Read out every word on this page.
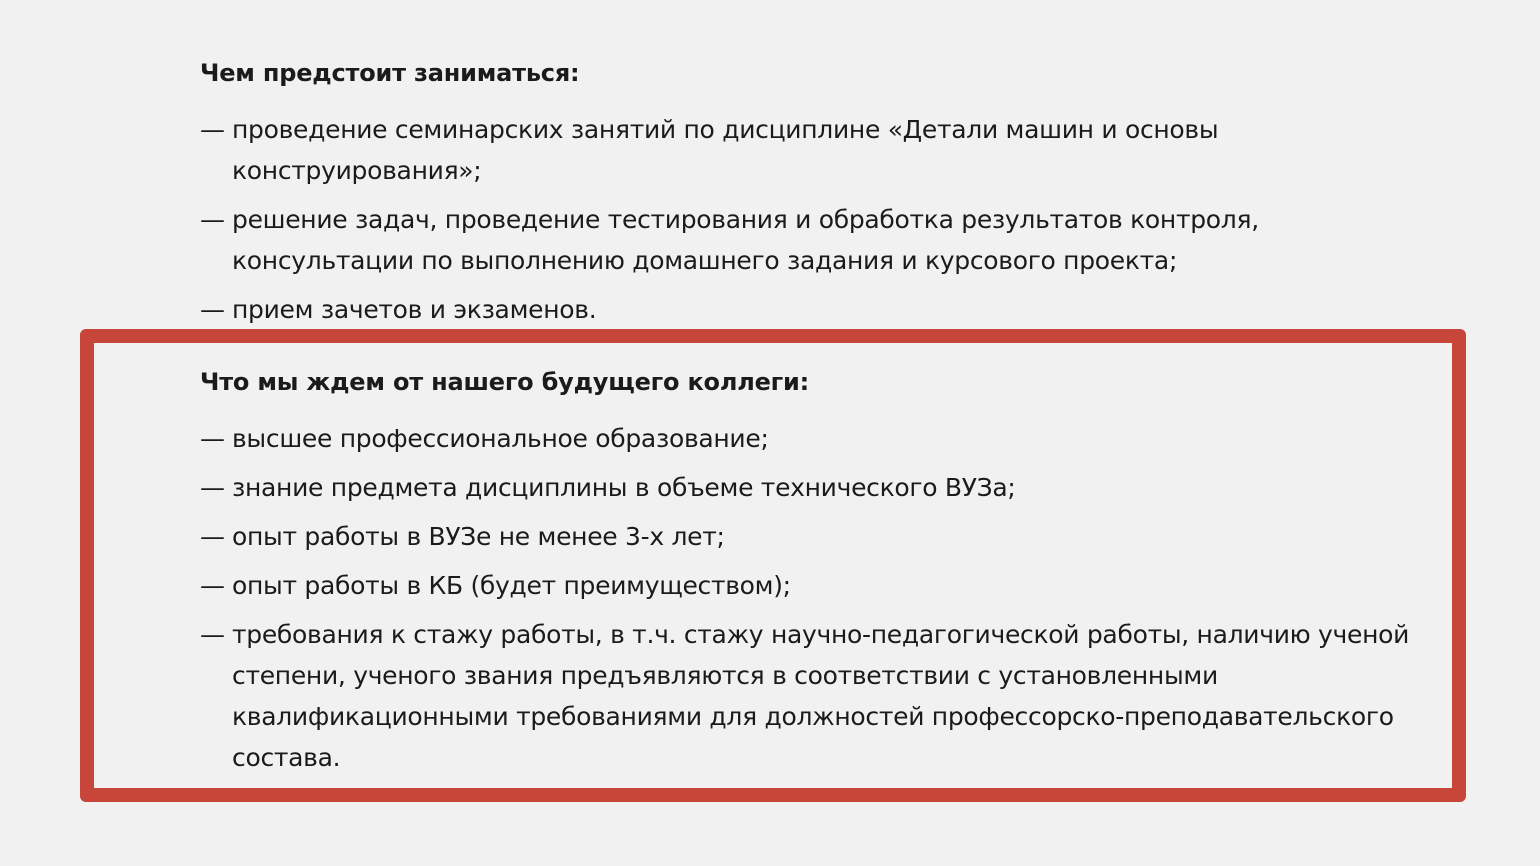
Чем предстоит заниматься:
— проведение семинарских занятий по дисциплине «Детали машин и основы конструирования»;
— решение задач, проведение тестирования и обработка результатов контроля, консультации по выполнению домашнего задания и курсового проекта;
— прием зачетов и экзаменов.
Что мы ждем от нашего будущего коллеги:
— высшее профессиональное образование;
— знание предмета дисциплины в объеме технического ВУЗа;
— опыт работы в ВУЗе не менее 3-х лет;
— опыт работы в КБ (будет преимуществом);
— требования к стажу работы, в т.ч. стажу научно-педагогической работы, наличию ученой степени, ученого звания предъявляются в соответствии с установленными квалификационными требованиями для должностей профессорско-преподавательского состава.
